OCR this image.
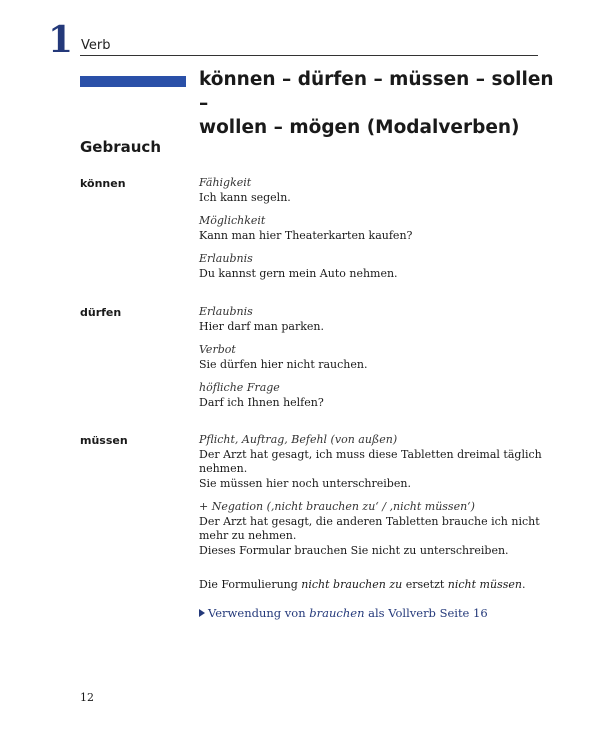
1 Verb
können – dürfen – müssen – sollen –
wollen – mögen (Modalverben)
Gebrauch
können	Fähigkeit
Ich kann segeln.
Möglichkeit
Kann man hier Theaterkarten kaufen?
Erlaubnis
Du kannst gern mein Auto nehmen.
dürfen	Erlaubnis
Hier darf man parken.
Verbot
Sie dürfen hier nicht rauchen.
höfliche Frage
Darf ich Ihnen helfen?
müssen	Pflicht, Auftrag, Befehl (von außen)
Der Arzt hat gesagt, ich muss diese Tabletten dreimal täglich
nehmen.
Sie müssen hier noch unterschreiben.
+ Negation (‚nicht brauchen zu‘ / ‚nicht müssen‘)
Der Arzt hat gesagt, die anderen Tabletten brauche ich nicht
mehr zu nehmen.
Dieses Formular brauchen Sie nicht zu unterschreiben.
Die Formulierung nicht brauchen zu ersetzt nicht müssen.
Verwendung von brauchen als Vollverb Seite 16
12
